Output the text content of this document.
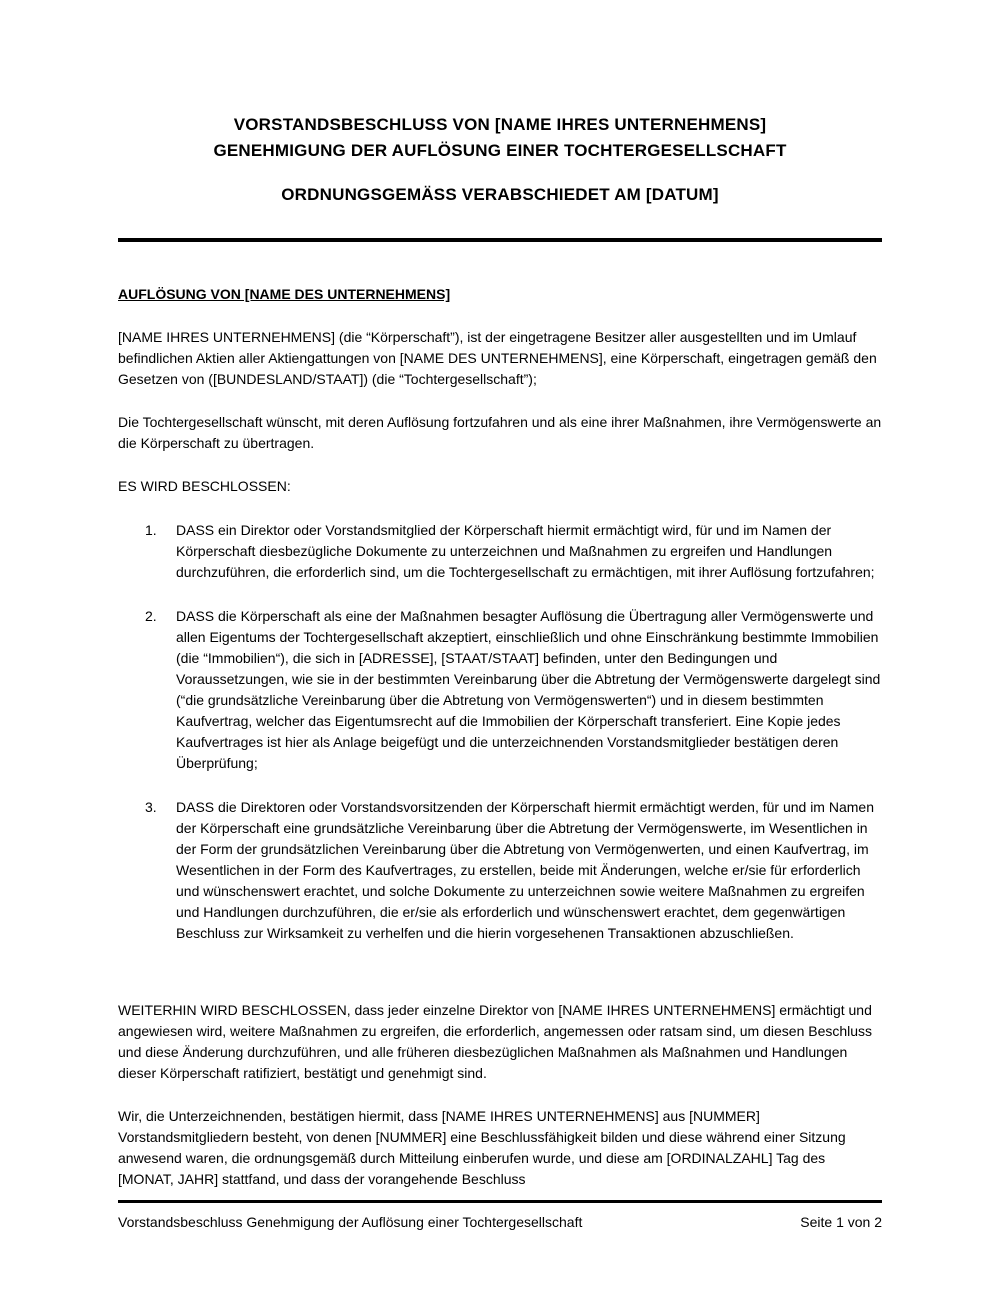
VORSTANDSBESCHLUSS VON [NAME IHRES UNTERNEHMENS]
GENEHMIGUNG DER AUFLÖSUNG EINER TOCHTERGESELLSCHAFT
ORDNUNGSGEMÄSS VERABSCHIEDET AM [DATUM]
AUFLÖSUNG VON [NAME DES UNTERNEHMENS]

[NAME IHRES UNTERNEHMENS] (die “Körperschaft”), ist der eingetragene Besitzer aller ausgestellten und im Umlauf befindlichen Aktien aller Aktiengattungen von [NAME DES UNTERNEHMENS], eine Körperschaft, eingetragen gemäß den Gesetzen von ([BUNDESLAND/STAAT]) (die “Tochtergesellschaft”);

Die Tochtergesellschaft wünscht, mit deren Auflösung fortzufahren und als eine ihrer Maßnahmen, ihre Vermögenswerte an die Körperschaft zu übertragen.

ES WIRD BESCHLOSSEN:

1.	DASS ein Direktor oder Vorstandsmitglied der Körperschaft hiermit ermächtigt wird, für und im Namen der Körperschaft diesbezügliche Dokumente zu unterzeichnen und Maßnahmen zu ergreifen und Handlungen durchzuführen, die erforderlich sind, um die Tochtergesellschaft zu ermächtigen, mit ihrer Auflösung fortzufahren;
2.	DASS die Körperschaft als eine der Maßnahmen besagter Auflösung die Übertragung aller Vermögenswerte und allen Eigentums der Tochtergesellschaft akzeptiert, einschließlich und ohne Einschränkung bestimmte Immobilien (die “Immobilien“), die sich in [ADRESSE], [STAAT/STAAT] befinden, unter den Bedingungen und Voraussetzungen, wie sie in der bestimmten Vereinbarung über die Abtretung der Vermögenswerte dargelegt sind (“die grundsätzliche Vereinbarung über die Abtretung von Vermögenswerten“) und in diesem bestimmten Kaufvertrag, welcher das Eigentumsrecht auf die Immobilien der Körperschaft transferiert. Eine Kopie jedes Kaufvertrages ist hier als Anlage beigefügt und die unterzeichnenden Vorstandsmitglieder bestätigen deren Überprüfung;
3.	DASS die Direktoren oder Vorstandsvorsitzenden der Körperschaft hiermit ermächtigt werden, für und im Namen der Körperschaft eine grundsätzliche Vereinbarung über die Abtretung der Vermögenswerte, im Wesentlichen in der Form der grundsätzlichen Vereinbarung über die Abtretung von Vermögenwerten, und einen Kaufvertrag, im Wesentlichen in der Form des Kaufvertrages, zu erstellen, beide mit Änderungen, welche er/sie für erforderlich und wünschenswert erachtet, und solche Dokumente zu unterzeichnen sowie weitere Maßnahmen zu ergreifen und Handlungen durchzuführen, die er/sie als erforderlich und wünschenswert erachtet, dem gegenwärtigen Beschluss zur Wirksamkeit zu verhelfen und die hierin vorgesehenen Transaktionen abzuschließen.

WEITERHIN WIRD BESCHLOSSEN, dass jeder einzelne Direktor von [NAME IHRES UNTERNEHMENS] ermächtigt und angewiesen wird, weitere Maßnahmen zu ergreifen, die erforderlich, angemessen oder ratsam sind, um diesen Beschluss und diese Änderung durchzuführen, und alle früheren diesbezüglichen Maßnahmen als Maßnahmen und Handlungen dieser Körperschaft ratifiziert, bestätigt und genehmigt sind.

Wir, die Unterzeichnenden, bestätigen hiermit, dass [NAME IHRES UNTERNEHMENS] aus [NUMMER] Vorstandsmitgliedern besteht, von denen [NUMMER] eine Beschlussfähigkeit bilden und diese während einer Sitzung anwesend waren, die ordnungsgemäß durch Mitteilung einberufen wurde, und diese am [ORDINALZAHL] Tag des [MONAT, JAHR] stattfand, und dass der vorangehende Beschluss

Vorstandsbeschluss Genehmigung der Auflösung einer Tochtergesellschaft	Seite 1 von 2
